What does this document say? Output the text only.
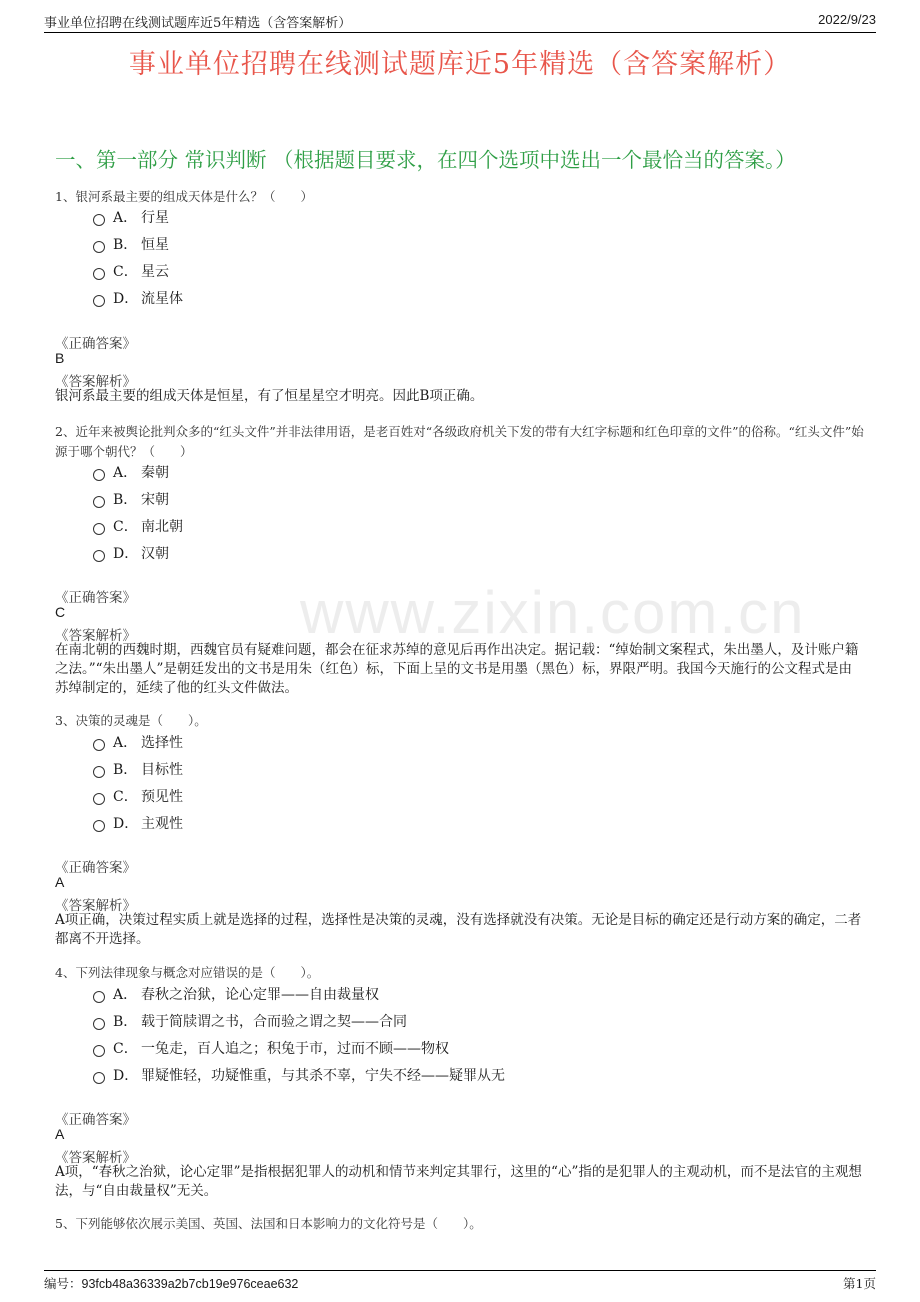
事业单位招聘在线测试题库近5年精选（含答案解析）	2022/9/23
事业单位招聘在线测试题库近5年精选（含答案解析）
一、第一部分 常识判断 （根据题目要求，在四个选项中选出一个最恰当的答案。）
www.zixin.com.cn
1、银河系最主要的组成天体是什么？（　　）
A． 行星
B． 恒星
C． 星云
D． 流星体
《正确答案》
B
《答案解析》
银河系最主要的组成天体是恒星，有了恒星星空才明亮。因此B项正确。
2、近年来被舆论批判众多的“红头文件”并非法律用语，是老百姓对“各级政府机关下发的带有大红字标题和红色印章的文件”的俗称。“红头文件”始源于哪个朝代？（　　）
A． 秦朝
B． 宋朝
C． 南北朝
D． 汉朝
《正确答案》
C
《答案解析》
在南北朝的西魏时期，西魏官员有疑难问题，都会在征求苏绰的意见后再作出决定。据记载：“绰始制文案程式，朱出墨人，及计账户籍之法。”“朱出墨人”是朝廷发出的文书是用朱（红色）标，下面上呈的文书是用墨（黑色）标，界限严明。我国今天施行的公文程式是由苏绰制定的，延续了他的红头文件做法。
3、决策的灵魂是（　　）。
A． 选择性
B． 目标性
C． 预见性
D． 主观性
《正确答案》
A
《答案解析》
A项正确，决策过程实质上就是选择的过程，选择性是决策的灵魂，没有选择就没有决策。无论是目标的确定还是行动方案的确定，二者都离不开选择。
4、下列法律现象与概念对应错误的是（　　）。
A． 春秋之治狱，论心定罪——自由裁量权
B． 载于简牍谓之书，合而验之谓之契——合同
C． 一兔走，百人追之；积兔于市，过而不顾——物权
D． 罪疑惟轻，功疑惟重，与其杀不辜，宁失不经——疑罪从无
《正确答案》
A
《答案解析》
A项，“春秋之治狱，论心定罪”是指根据犯罪人的动机和情节来判定其罪行，这里的“心”指的是犯罪人的主观动机，而不是法官的主观想法，与“自由裁量权”无关。
5、下列能够依次展示美国、英国、法国和日本影响力的文化符号是（　　）。
编号：93fcb48a36339a2b7cb19e976ceae632	第1页
